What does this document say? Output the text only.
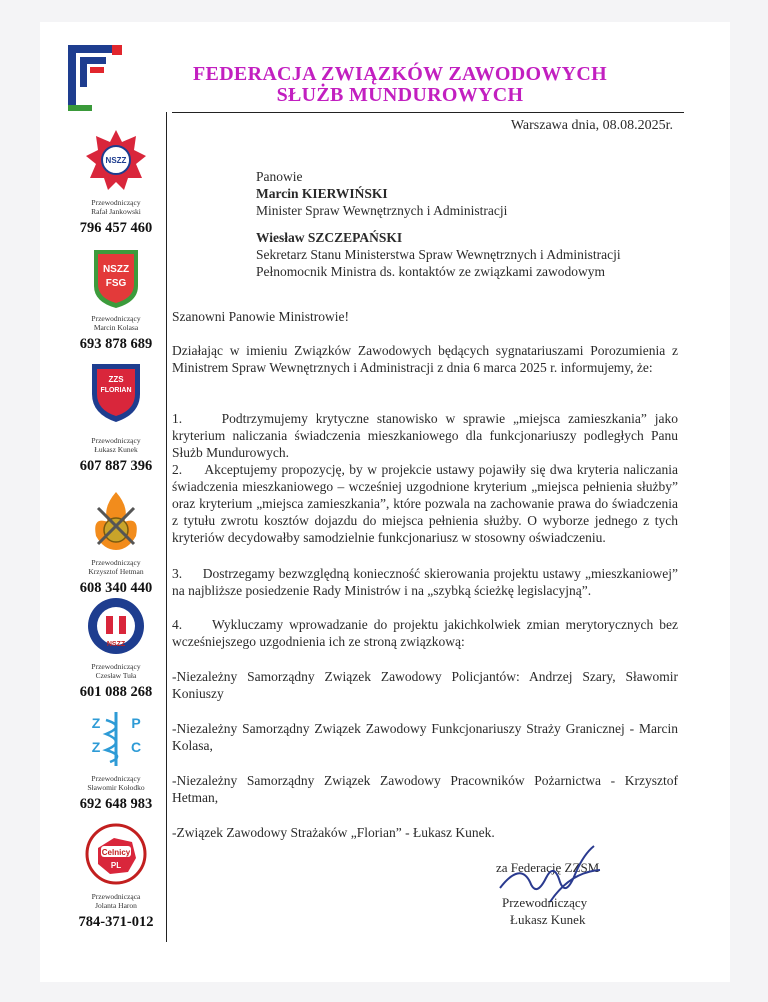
FEDERACJA ZWIĄZKÓW ZAWODOWYCH
SŁUŻB MUNDUROWYCH
Warszawa dnia, 08.08.2025r.
NSZZ
Przewodniczący
Rafał Jankowski
796 457 460
NSZZ
FSG
Przewodniczący
Marcin Kolasa
693 878 689
ZZS
FLORIAN
Przewodniczący
Łukasz Kunek
607 887 396
Przewodniczący
Krzysztof Hetman
608 340 440
NSZZ
Przewodniczący
Czesław Tuła
601 088 268
Z P
Z C
Przewodniczący
Sławomir Kołodko
692 648 983
Celnicy
PL
Przewodnicząca
Jolanta Haron
784-371-012
Panowie
Marcin KIERWIŃSKI
Minister Spraw Wewnętrznych i Administracji
Wiesław SZCZEPAŃSKI
Sekretarz Stanu Ministerstwa Spraw Wewnętrznych i Administracji
Pełnomocnik Ministra ds. kontaktów ze związkami zawodowym
Szanowni Panowie Ministrowie!
Działając w imieniu Związków Zawodowych będących sygnatariuszami Porozumienia z Ministrem Spraw Wewnętrznych i Administracji z dnia 6 marca 2025 r. informujemy, że:
1.     Podtrzymujemy krytyczne stanowisko w sprawie „miejsca zamieszkania” jako kryterium naliczania świadczenia mieszkaniowego dla funkcjonariuszy podległych Panu Służb Mundurowych.
2.     Akceptujemy propozycję, by w projekcie ustawy pojawiły się dwa kryteria naliczania świadczenia mieszkaniowego – wcześniej uzgodnione kryterium „miejsca pełnienia służby” oraz kryterium „miejsca zamieszkania”, które pozwala na zachowanie prawa do świadczenia z tytułu zwrotu kosztów dojazdu do miejsca pełnienia służby. O wyborze jednego z tych kryteriów decydowałby samodzielnie funkcjonariusz w stosowny oświadczeniu.
3.     Dostrzegamy bezwzględną konieczność skierowania projektu ustawy „mieszkaniowej” na najbliższe posiedzenie Rady Ministrów i na „szybką ścieżkę legislacyjną”.
4.     Wykluczamy wprowadzanie do projektu jakichkolwiek zmian merytorycznych bez wcześniejszego uzgodnienia ich ze stroną związkową:
-Niezależny Samorządny Związek Zawodowy Policjantów: Andrzej Szary, Sławomir Koniuszy
-Niezależny Samorządny Związek Zawodowy Funkcjonariuszy Straży Granicznej - Marcin Kolasa,
-Niezależny Samorządny Związek Zawodowy Pracowników Pożarnictwa - Krzysztof Hetman,
-Związek Zawodowy Strażaków „Florian” - Łukasz Kunek.
za Federację ZZSM
Przewodniczący
Łukasz Kunek
